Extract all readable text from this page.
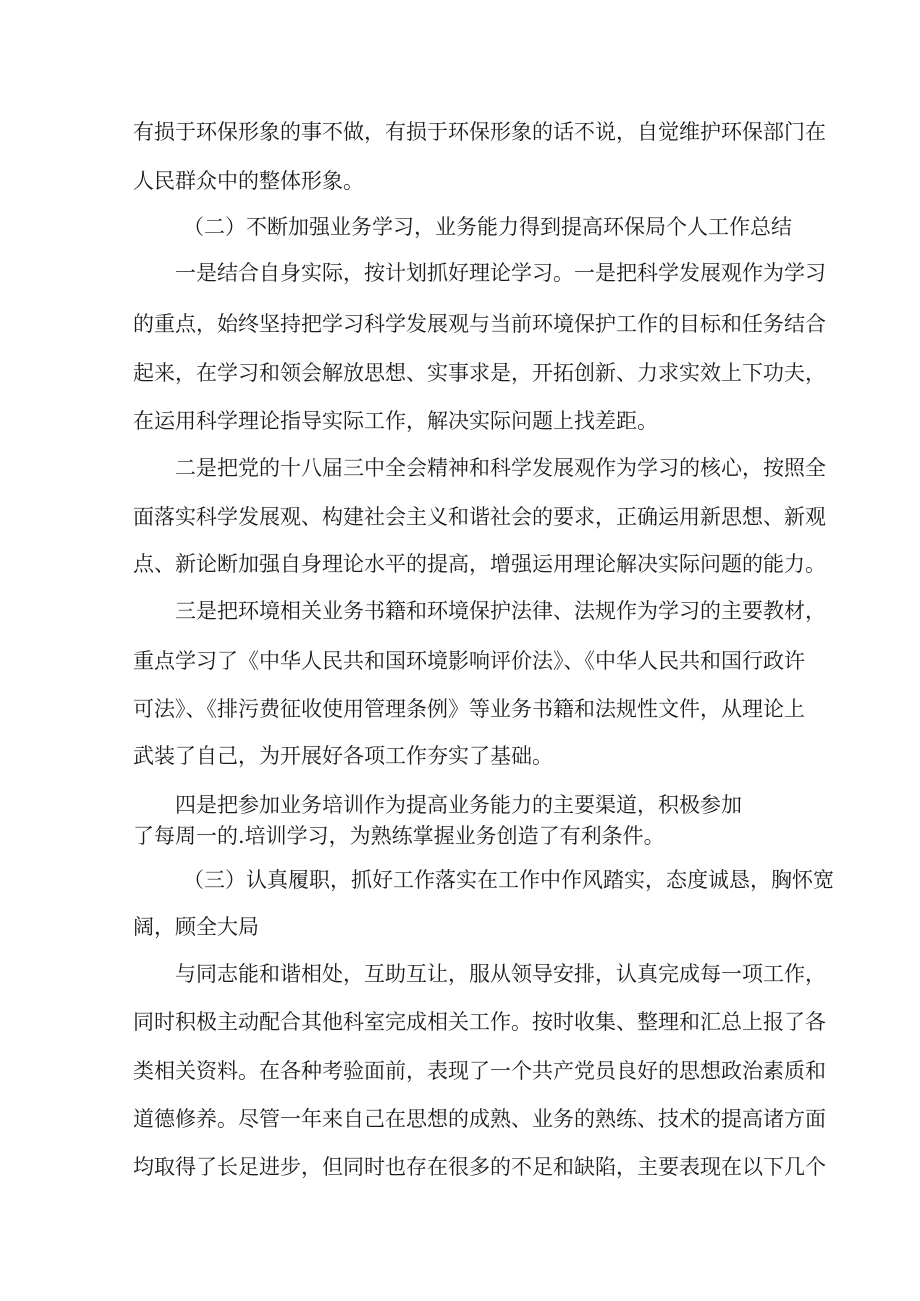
有损于环保形象的事不做，有损于环保形象的话不说，自觉维护环保部门在
人民群众中的整体形象。
（二）不断加强业务学习，业务能力得到提高环保局个人工作总结
一是结合自身实际，按计划抓好理论学习。一是把科学发展观作为学习
的重点，始终坚持把学习科学发展观与当前环境保护工作的目标和任务结合
起来，在学习和领会解放思想、实事求是，开拓创新、力求实效上下功夫，
在运用科学理论指导实际工作，解决实际问题上找差距。
二是把党的十八届三中全会精神和科学发展观作为学习的核心，按照全
面落实科学发展观、构建社会主义和谐社会的要求，正确运用新思想、新观
点、新论断加强自身理论水平的提高，增强运用理论解决实际问题的能力。
三是把环境相关业务书籍和环境保护法律、法规作为学习的主要教材，
重点学习了《中华人民共和国环境影响评价法》、《中华人民共和国行政许
可法》、《排污费征收使用管理条例》等业务书籍和法规性文件，从理论上
武装了自己，为开展好各项工作夯实了基础。
四是把参加业务培训作为提高业务能力的主要渠道，积极参加
了每周一的.培训学习，为熟练掌握业务创造了有利条件。
（三）认真履职，抓好工作落实在工作中作风踏实，态度诚恳，胸怀宽
阔，顾全大局
与同志能和谐相处，互助互让，服从领导安排，认真完成每一项工作，
同时积极主动配合其他科室完成相关工作。按时收集、整理和汇总上报了各
类相关资料。在各种考验面前，表现了一个共产党员良好的思想政治素质和
道德修养。尽管一年来自己在思想的成熟、业务的熟练、技术的提高诸方面
均取得了长足进步，但同时也存在很多的不足和缺陷，主要表现在以下几个
